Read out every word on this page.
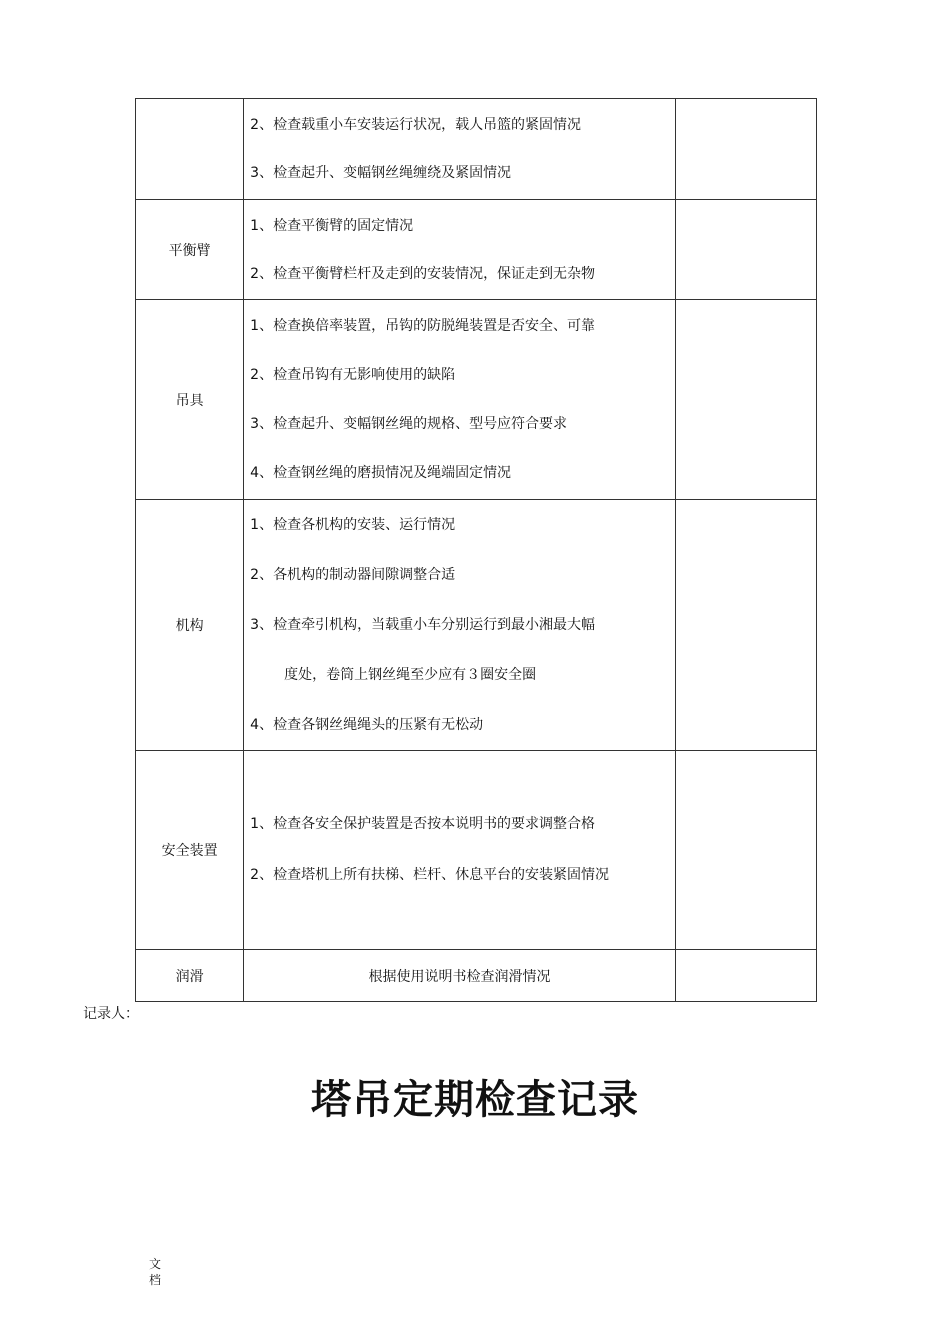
	2、检查载重小车安装运行状况，载人吊篮的紧固情况
3、检查起升、变幅钢丝绳缠绕及紧固情况	

平衡臂	1、检查平衡臂的固定情况
2、检查平衡臂栏杆及走到的安装情况，保证走到无杂物	

吊具	1、检查换倍率装置，吊钩的防脱绳装置是否安全、可靠
2、检查吊钩有无影响使用的缺陷
3、检查起升、变幅钢丝绳的规格、型号应符合要求
4、检查钢丝绳的磨损情况及绳端固定情况	

机构	1、检查各机构的安装、运行情况
2、各机构的制动器间隙调整合适
3、检查牵引机构，当载重小车分别运行到最小湘最大幅
度处，卷筒上钢丝绳至少应有３圈安全圈
4、检查各钢丝绳绳头的压紧有无松动	

安全装置	1、检查各安全保护装置是否按本说明书的要求调整合格
2、检查塔机上所有扶梯、栏杆、休息平台的安装紧固情况	

润滑	根据使用说明书检查润滑情况	

记录人：
塔吊定期检查记录
文档
